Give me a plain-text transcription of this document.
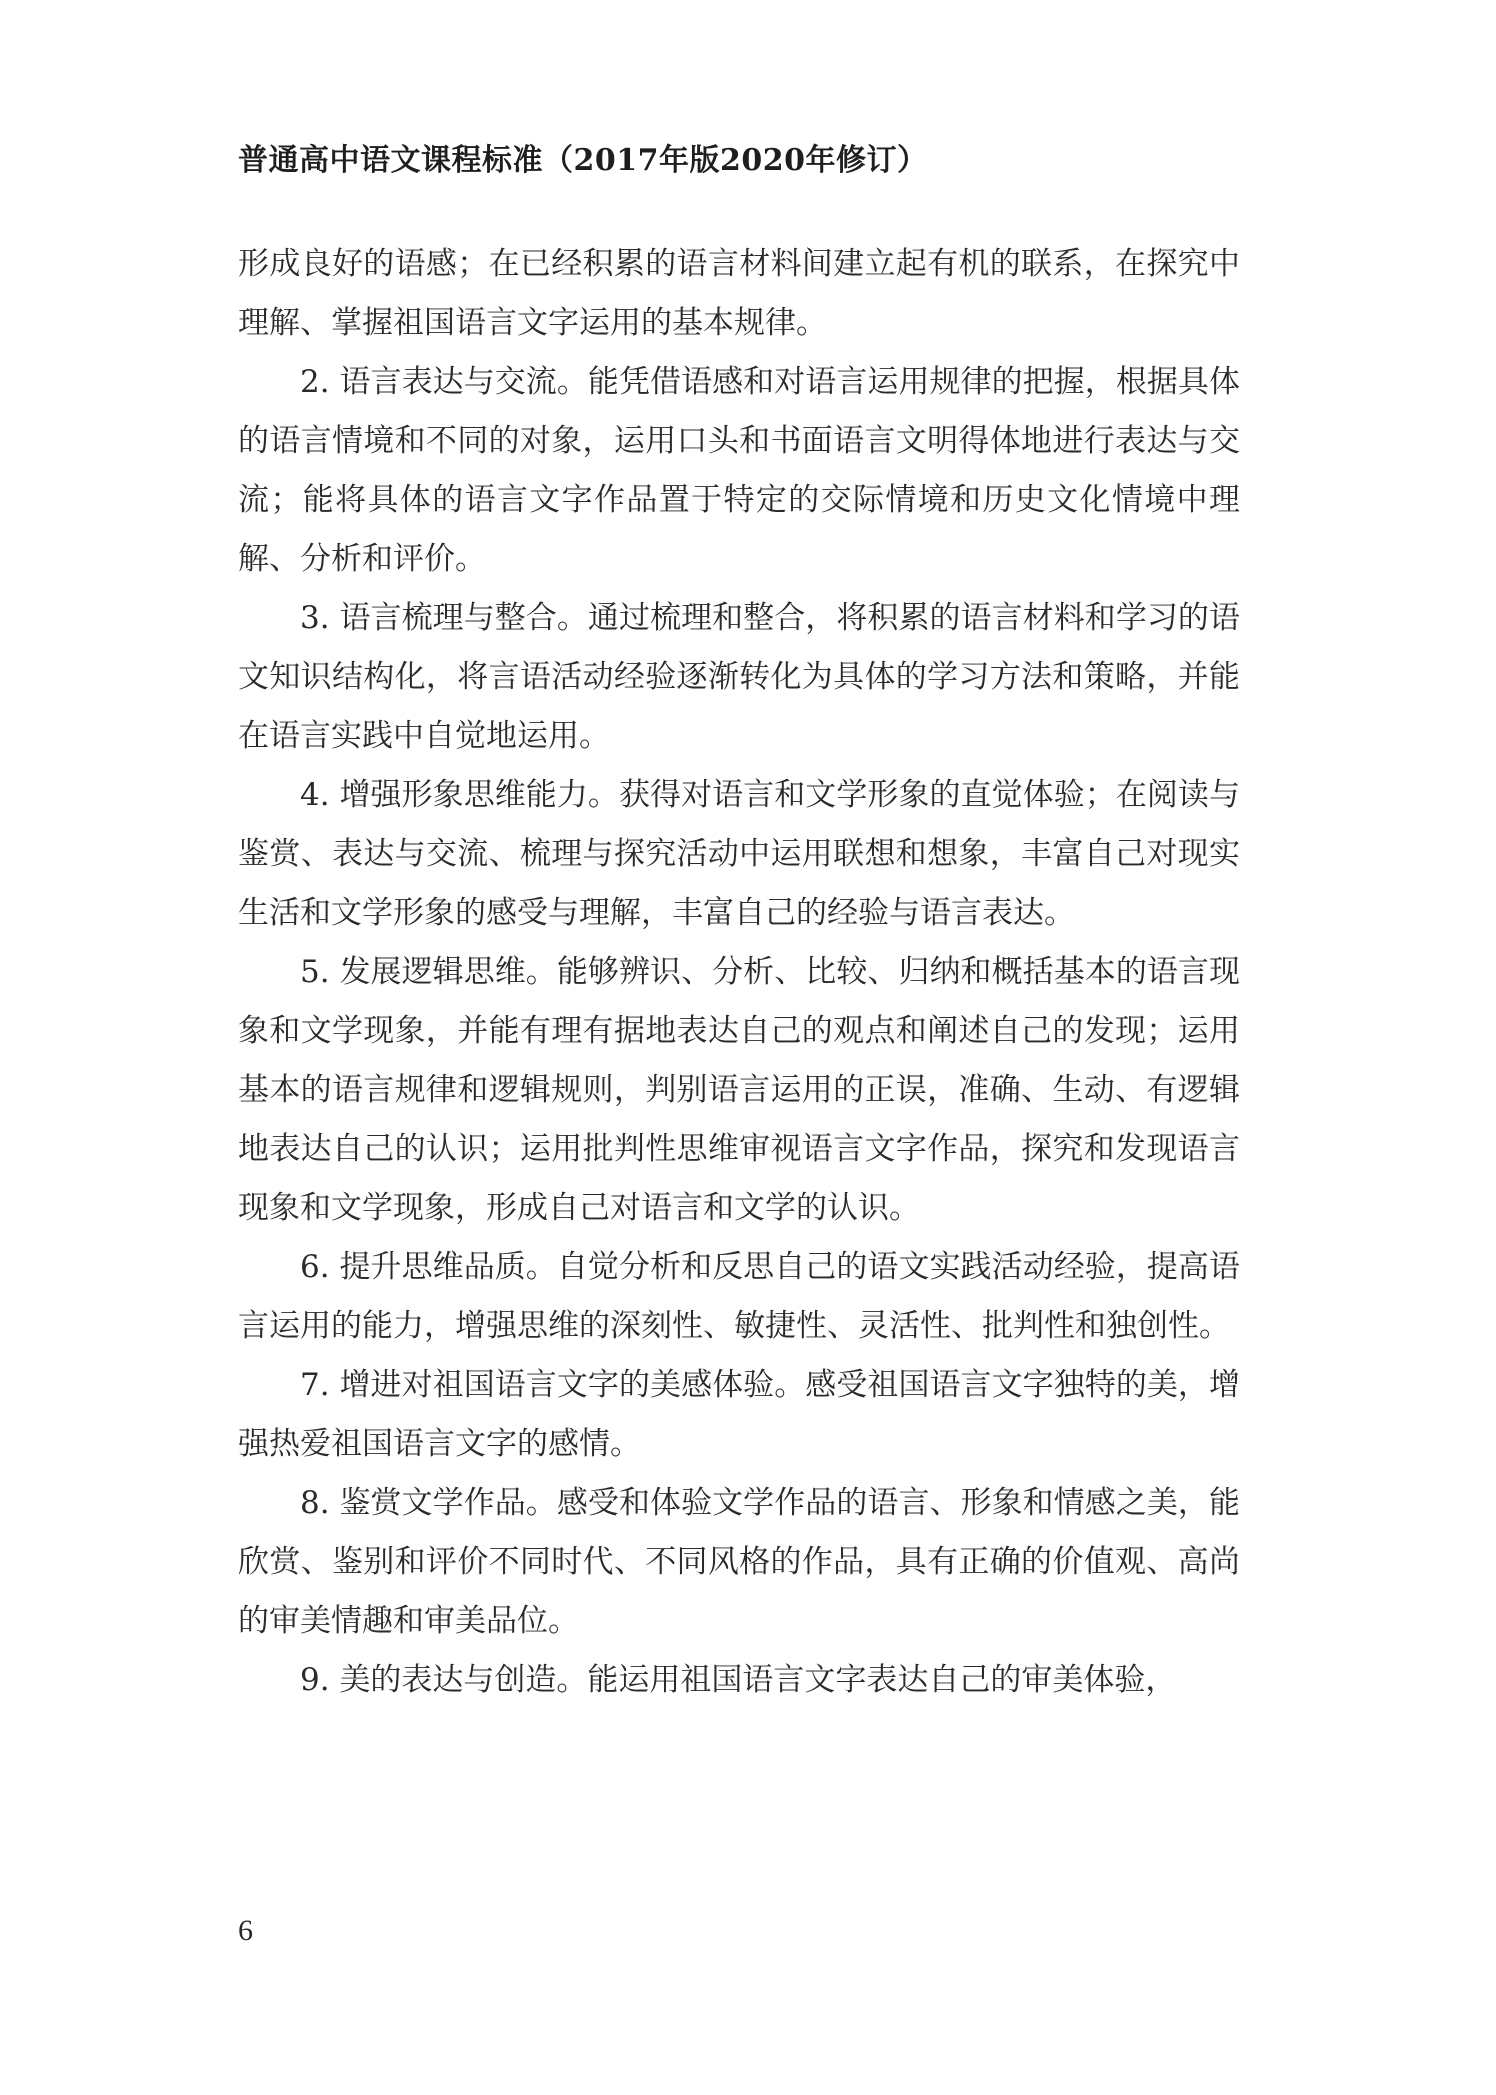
普通高中语文课程标准（2017年版2020年修订）

形成良好的语感；在已经积累的语言材料间建立起有机的联系，在探究中理解、掌握祖国语言文字运用的基本规律。

2. 语言表达与交流。能凭借语感和对语言运用规律的把握，根据具体的语言情境和不同的对象，运用口头和书面语言文明得体地进行表达与交流；能将具体的语言文字作品置于特定的交际情境和历史文化情境中理解、分析和评价。

3. 语言梳理与整合。通过梳理和整合，将积累的语言材料和学习的语文知识结构化，将言语活动经验逐渐转化为具体的学习方法和策略，并能在语言实践中自觉地运用。

4. 增强形象思维能力。获得对语言和文学形象的直觉体验；在阅读与鉴赏、表达与交流、梳理与探究活动中运用联想和想象，丰富自己对现实生活和文学形象的感受与理解，丰富自己的经验与语言表达。

5. 发展逻辑思维。能够辨识、分析、比较、归纳和概括基本的语言现象和文学现象，并能有理有据地表达自己的观点和阐述自己的发现；运用基本的语言规律和逻辑规则，判别语言运用的正误，准确、生动、有逻辑地表达自己的认识；运用批判性思维审视语言文字作品，探究和发现语言现象和文学现象，形成自己对语言和文学的认识。

6. 提升思维品质。自觉分析和反思自己的语文实践活动经验，提高语言运用的能力，增强思维的深刻性、敏捷性、灵活性、批判性和独创性。

7. 增进对祖国语言文字的美感体验。感受祖国语言文字独特的美，增强热爱祖国语言文字的感情。

8. 鉴赏文学作品。感受和体验文学作品的语言、形象和情感之美，能欣赏、鉴别和评价不同时代、不同风格的作品，具有正确的价值观、高尚的审美情趣和审美品位。

9. 美的表达与创造。能运用祖国语言文字表达自己的审美体验，

6
